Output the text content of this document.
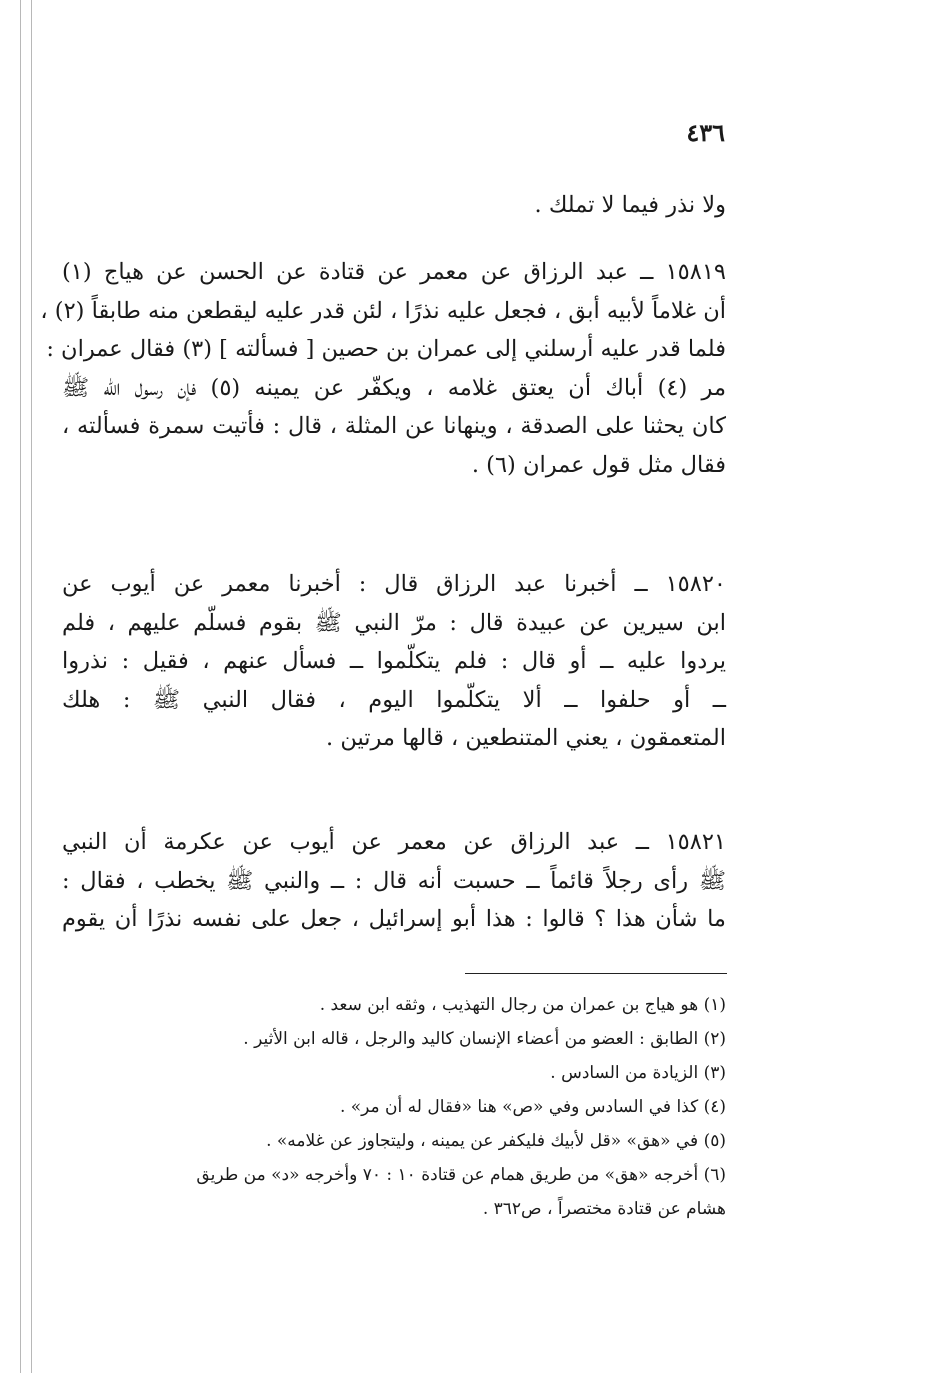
٤٣٦
ولا نذر فيما لا تملك .
١٥٨١٩ ــ عبد الرزاق عن معمر عن قتادة عن الحسن عن هياج (١)
أن غلاماً لأبيه أبق ، فجعل عليه نذرًا ، لئن قدر عليه ليقطعن منه طابقاً (٢) ،
فلما قدر عليه أرسلني إلى عمران بن حصين [ فسألته ] (٣) فقال عمران :
مر (٤) أباك أن يعتق غلامه ، ويكفّر عن يمينه (٥) فإن رسول الله ﷺ
كان يحثنا على الصدقة ، وينهانا عن المثلة ، قال : فأتيت سمرة فسألته ،
فقال مثل قول عمران (٦) .
١٥٨٢٠ ــ أخبرنا عبد الرزاق قال : أخبرنا معمر عن أيوب عن
ابن سيرين عن عبيدة قال : مرّ النبي ﷺ بقوم فسلّم عليهم ، فلم
يردوا عليه ــ أو قال : فلم يتكلّموا ــ فسأل عنهم ، فقيل : نذروا
ــ أو حلفوا ــ ألا يتكلّموا اليوم ، فقال النبي ﷺ : هلك
المتعمقون ، يعني المتنطعين ، قالها مرتين .
١٥٨٢١ ــ عبد الرزاق عن معمر عن أيوب عن عكرمة أن النبي
ﷺ رأى رجلاً قائماً ــ حسبت أنه قال : ــ والنبي ﷺ يخطب ، فقال :
ما شأن هذا ؟ قالوا : هذا أبو إسرائيل ، جعل على نفسه نذرًا أن يقوم
(١) هو هياج بن عمران من رجال التهذيب ، وثقه ابن سعد .
(٢) الطابق : العضو من أعضاء الإنسان كاليد والرجل ، قاله ابن الأثير .
(٣) الزيادة من السادس .
(٤) كذا في السادس وفي «ص» هنا «فقال له أن مر» .
(٥) في «هق» «قل لأبيك فليكفر عن يمينه ، وليتجاوز عن غلامه» .
(٦) أخرجه «هق» من طريق همام عن قتادة ١٠ : ٧٠ وأخرجه «د» من طريق
هشام عن قتادة مختصراً ، ص٣٦٢ .
